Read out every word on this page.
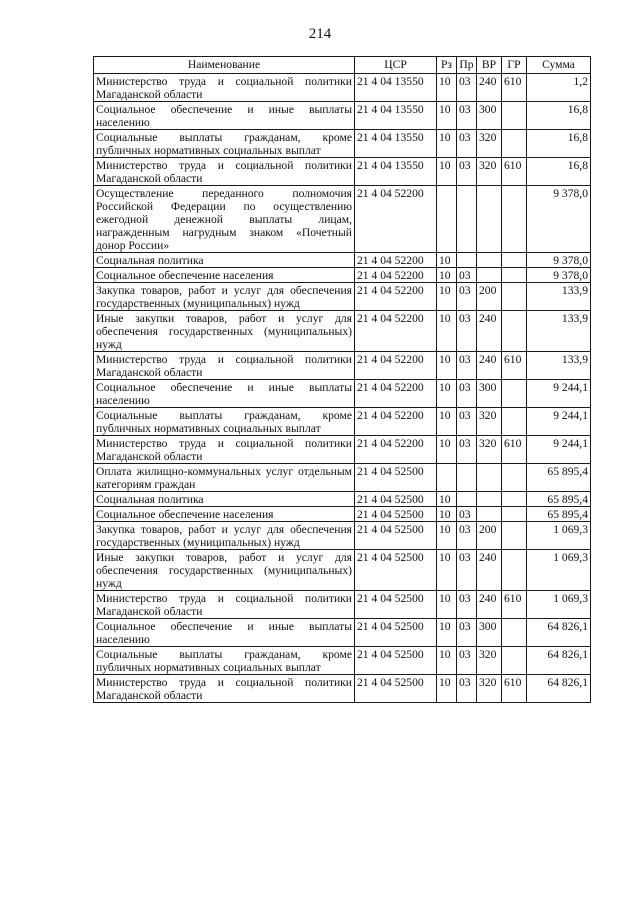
214
Наименование	ЦСР	Рз	Пр	ВР	ГР	Сумма
Министерство труда и социальной политики Магаданской области	21 4 04 13550	10	03	240	610	1,2
Социальное обеспечение и иные выплаты населению	21 4 04 13550	10	03	300		16,8
Социальные выплаты гражданам, кроме публичных нормативных социальных выплат	21 4 04 13550	10	03	320		16,8
Министерство труда и социальной политики Магаданской области	21 4 04 13550	10	03	320	610	16,8
Осуществление переданного полномочия Российской Федерации по осуществлению ежегодной денежной выплаты лицам, награжденным нагрудным знаком «Почетный донор России»	21 4 04 52200					9 378,0
Социальная политика	21 4 04 52200	10				9 378,0
Социальное обеспечение населения	21 4 04 52200	10	03			9 378,0
Закупка товаров, работ и услуг для обеспечения государственных (муниципальных) нужд	21 4 04 52200	10	03	200		133,9
Иные закупки товаров, работ и услуг для обеспечения государственных (муниципальных) нужд	21 4 04 52200	10	03	240		133,9
Министерство труда и социальной политики Магаданской области	21 4 04 52200	10	03	240	610	133,9
Социальное обеспечение и иные выплаты населению	21 4 04 52200	10	03	300		9 244,1
Социальные выплаты гражданам, кроме публичных нормативных социальных выплат	21 4 04 52200	10	03	320		9 244,1
Министерство труда и социальной политики Магаданской области	21 4 04 52200	10	03	320	610	9 244,1
Оплата жилищно-коммунальных услуг отдельным категориям граждан	21 4 04 52500					65 895,4
Социальная политика	21 4 04 52500	10				65 895,4
Социальное обеспечение населения	21 4 04 52500	10	03			65 895,4
Закупка товаров, работ и услуг для обеспечения государственных (муниципальных) нужд	21 4 04 52500	10	03	200		1 069,3
Иные закупки товаров, работ и услуг для обеспечения государственных (муниципальных) нужд	21 4 04 52500	10	03	240		1 069,3
Министерство труда и социальной политики Магаданской области	21 4 04 52500	10	03	240	610	1 069,3
Социальное обеспечение и иные выплаты населению	21 4 04 52500	10	03	300		64 826,1
Социальные выплаты гражданам, кроме публичных нормативных социальных выплат	21 4 04 52500	10	03	320		64 826,1
Министерство труда и социальной политики Магаданской области	21 4 04 52500	10	03	320	610	64 826,1
